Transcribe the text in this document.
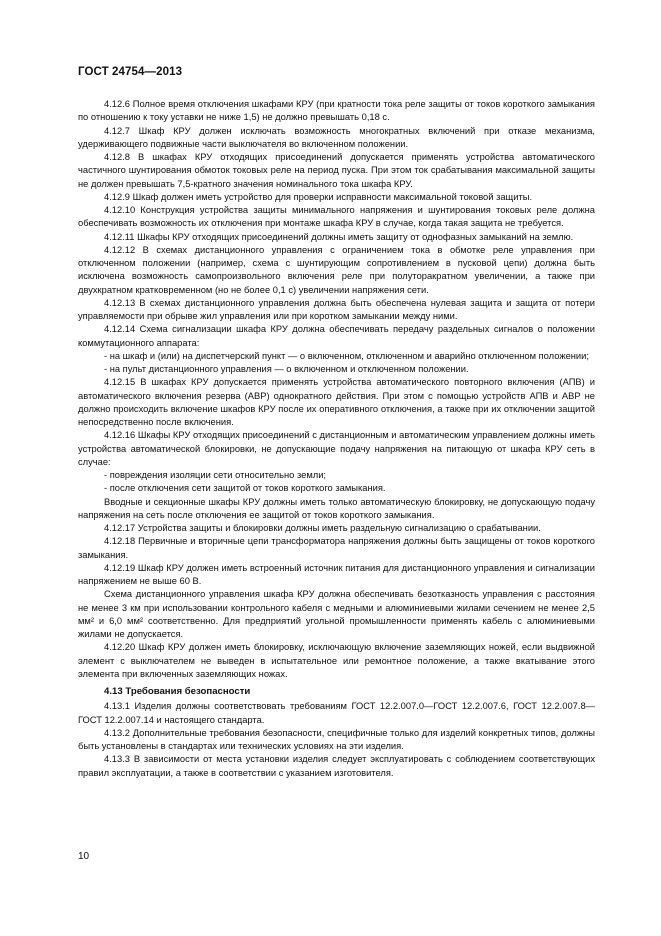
ГОСТ 24754—2013

4.12.6 Полное время отключения шкафами КРУ (при кратности тока реле защиты от токов короткого замыкания по отношению к току уставки не ниже 1,5) не должно превышать 0,18 с.

4.12.7 Шкаф КРУ должен исключать возможность многократных включений при отказе механизма, удерживающего подвижные части выключателя во включенном положении.

4.12.8 В шкафах КРУ отходящих присоединений допускается применять устройства автоматического частичного шунтирования обмоток токовых реле на период пуска. При этом ток срабатывания максимальной защиты не должен превышать 7,5-кратного значения номинального тока шкафа КРУ.

4.12.9 Шкаф должен иметь устройство для проверки исправности максимальной токовой защиты.

4.12.10 Конструкция устройства защиты минимального напряжения и шунтирования токовых реле должна обеспечивать возможность их отключения при монтаже шкафа КРУ в случае, когда такая защита не требуется.

4.12.11 Шкафы КРУ отходящих присоединений должны иметь защиту от однофазных замыканий на землю.

4.12.12 В схемах дистанционного управления с ограничением тока в обмотке реле управления при отключенном положении (например, схема с шунтирующим сопротивлением в пусковой цепи) должна быть исключена возможность самопроизвольного включения реле при полуторакратном увеличении, а также при двухкратном кратковременном (но не более 0,1 с) увеличении напряжения сети.

4.12.13 В схемах дистанционного управления должна быть обеспечена нулевая защита и защита от потери управляемости при обрыве жил управления или при коротком замыкании между ними.

4.12.14 Схема сигнализации шкафа КРУ должна обеспечивать передачу раздельных сигналов о положении коммутационного аппарата:

- на шкаф и (или) на диспетчерский пункт — о включенном, отключенном и аварийно отключенном положении;

- на пульт дистанционного управления — о включенном и отключенном положении.

4.12.15 В шкафах КРУ допускается применять устройства автоматического повторного включения (АПВ) и автоматического включения резерва (АВР) однократного действия. При этом с помощью устройств АПВ и АВР не должно происходить включение шкафов КРУ после их оперативного отключения, а также при их отключении защитой непосредственно после включения.

4.12.16 Шкафы КРУ отходящих присоединений с дистанционным и автоматическим управлением должны иметь устройства автоматической блокировки, не допускающие подачу напряжения на питающую от шкафа КРУ сеть в случае:

- повреждения изоляции сети относительно земли;

- после отключения сети защитой от токов короткого замыкания.

Вводные и секционные шкафы КРУ должны иметь только автоматическую блокировку, не допускающую подачу напряжения на сеть после отключения ее защитой от токов короткого замыкания.

4.12.17 Устройства защиты и блокировки должны иметь раздельную сигнализацию о срабатывании.

4.12.18 Первичные и вторичные цепи трансформатора напряжения должны быть защищены от токов короткого замыкания.

4.12.19 Шкаф КРУ должен иметь встроенный источник питания для дистанционного управления и сигнализации напряжением не выше 60 В.

Схема дистанционного управления шкафа КРУ должна обеспечивать безотказность управления с расстояния не менее 3 км при использовании контрольного кабеля с медными и алюминиевыми жилами сечением не менее 2,5 мм² и 6,0 мм² соответственно. Для предприятий угольной промышленности применять кабель с алюминиевыми жилами не допускается.

4.12.20 Шкаф КРУ должен иметь блокировку, исключающую включение заземляющих ножей, если выдвижной элемент с выключателем не выведен в испытательное или ремонтное положение, а также вкатывание этого элемента при включенных заземляющих ножах.

4.13 Требования безопасности

4.13.1 Изделия должны соответствовать требованиям ГОСТ 12.2.007.0—ГОСТ 12.2.007.6, ГОСТ 12.2.007.8—ГОСТ 12.2.007.14 и настоящего стандарта.

4.13.2 Дополнительные требования безопасности, специфичные только для изделий конкретных типов, должны быть установлены в стандартах или технических условиях на эти изделия.

4.13.3 В зависимости от места установки изделия следует эксплуатировать с соблюдением соответствующих правил эксплуатации, а также в соответствии с указанием изготовителя.

10
